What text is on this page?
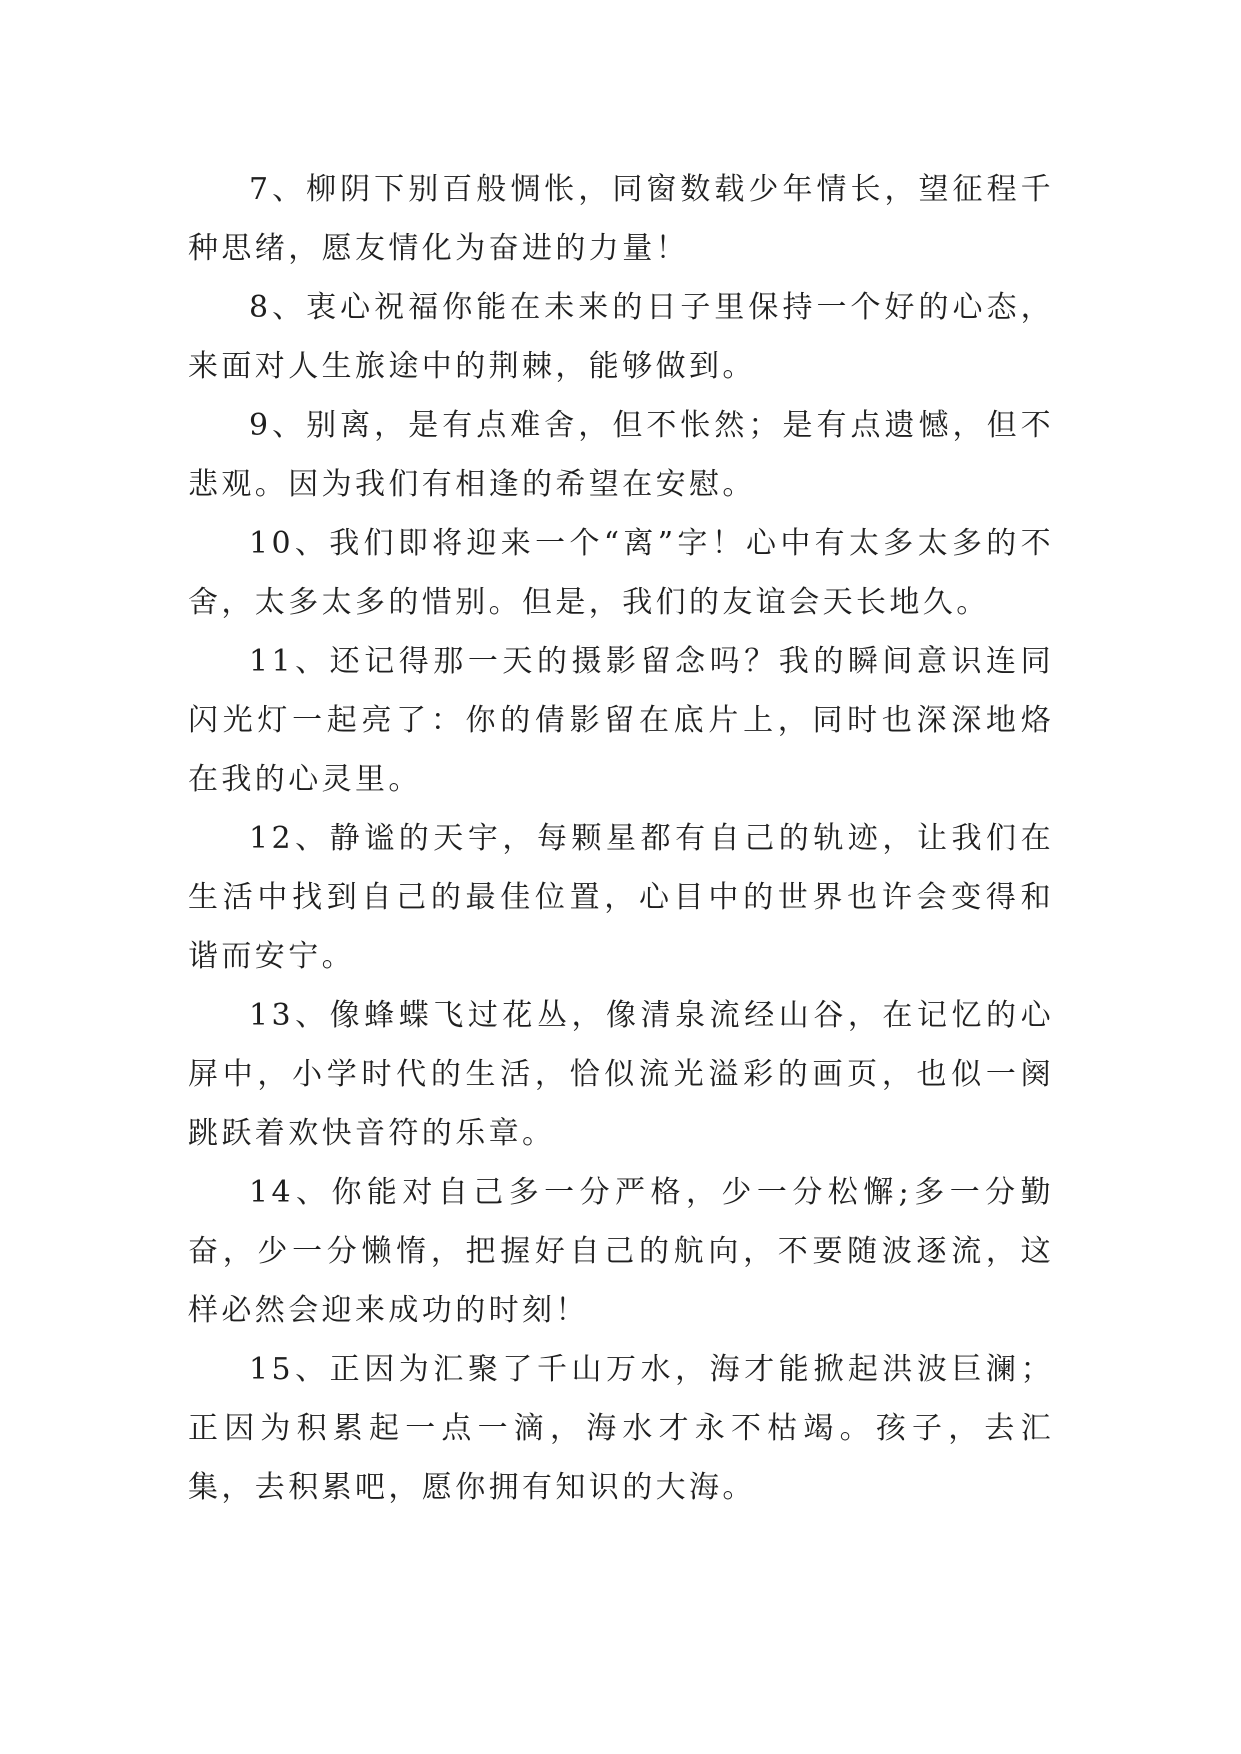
7、柳阴下别百般惆怅，同窗数载少年情长，望征程千种思绪，愿友情化为奋进的力量！

8、衷心祝福你能在未来的日子里保持一个好的心态，来面对人生旅途中的荆棘，能够做到。

9、别离，是有点难舍，但不怅然；是有点遗憾，但不悲观。因为我们有相逢的希望在安慰。

10、我们即将迎来一个“离”字！心中有太多太多的不舍，太多太多的惜别。但是，我们的友谊会天长地久。

11、还记得那一天的摄影留念吗？我的瞬间意识连同闪光灯一起亮了：你的倩影留在底片上，同时也深深地烙在我的心灵里。

12、静谧的天宇，每颗星都有自己的轨迹，让我们在生活中找到自己的最佳位置，心目中的世界也许会变得和谐而安宁。

13、像蜂蝶飞过花丛，像清泉流经山谷，在记忆的心屏中，小学时代的生活，恰似流光溢彩的画页，也似一阕跳跃着欢快音符的乐章。

14、你能对自己多一分严格，少一分松懈;多一分勤奋，少一分懒惰，把握好自己的航向，不要随波逐流，这样必然会迎来成功的时刻！

15、正因为汇聚了千山万水，海才能掀起洪波巨澜；正因为积累起一点一滴，海水才永不枯竭。孩子，去汇集，去积累吧，愿你拥有知识的大海。
